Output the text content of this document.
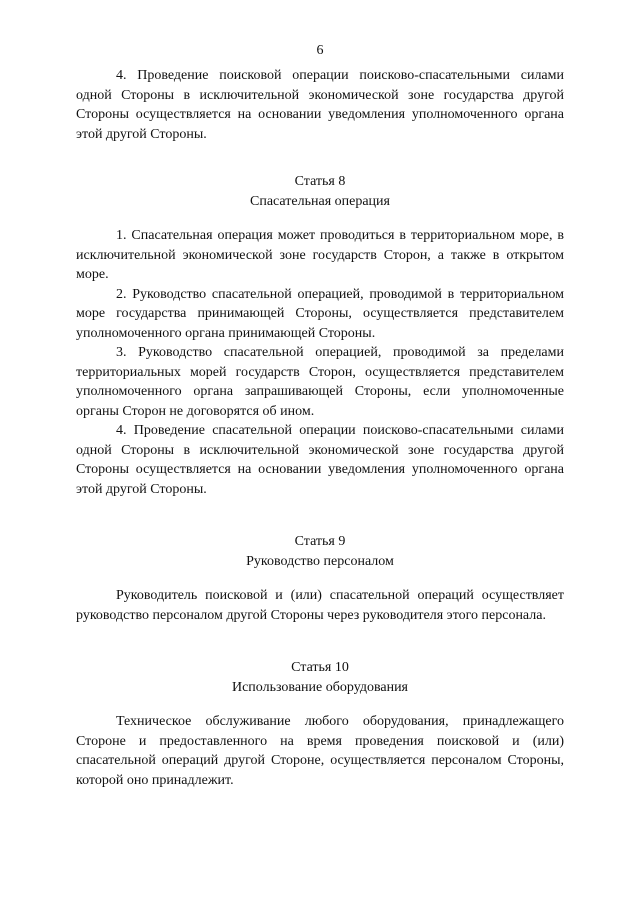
6

4. Проведение поисковой операции поисково-спасательными силами одной Стороны в исключительной экономической зоне государства другой Стороны осуществляется на основании уведомления уполномоченного органа этой другой Стороны.

Статья 8
Спасательная операция

1. Спасательная операция может проводиться в территориальном море, в исключительной экономической зоне государств Сторон, а также в открытом море.

2. Руководство спасательной операцией, проводимой в территориальном море государства принимающей Стороны, осуществляется представителем уполномоченного органа принимающей Стороны.

3. Руководство спасательной операцией, проводимой за пределами территориальных морей государств Сторон, осуществляется представителем уполномоченного органа запрашивающей Стороны, если уполномоченные органы Сторон не договорятся об ином.

4. Проведение спасательной операции поисково-спасательными силами одной Стороны в исключительной экономической зоне государства другой Стороны осуществляется на основании уведомления уполномоченного органа этой другой Стороны.

Статья 9
Руководство персоналом

Руководитель поисковой и (или) спасательной операций осуществляет руководство персоналом другой Стороны через руководителя этого персонала.

Статья 10
Использование оборудования

Техническое обслуживание любого оборудования, принадлежащего Стороне и предоставленного на время проведения поисковой и (или) спасательной операций другой Стороне, осуществляется персоналом Стороны, которой оно принадлежит.
